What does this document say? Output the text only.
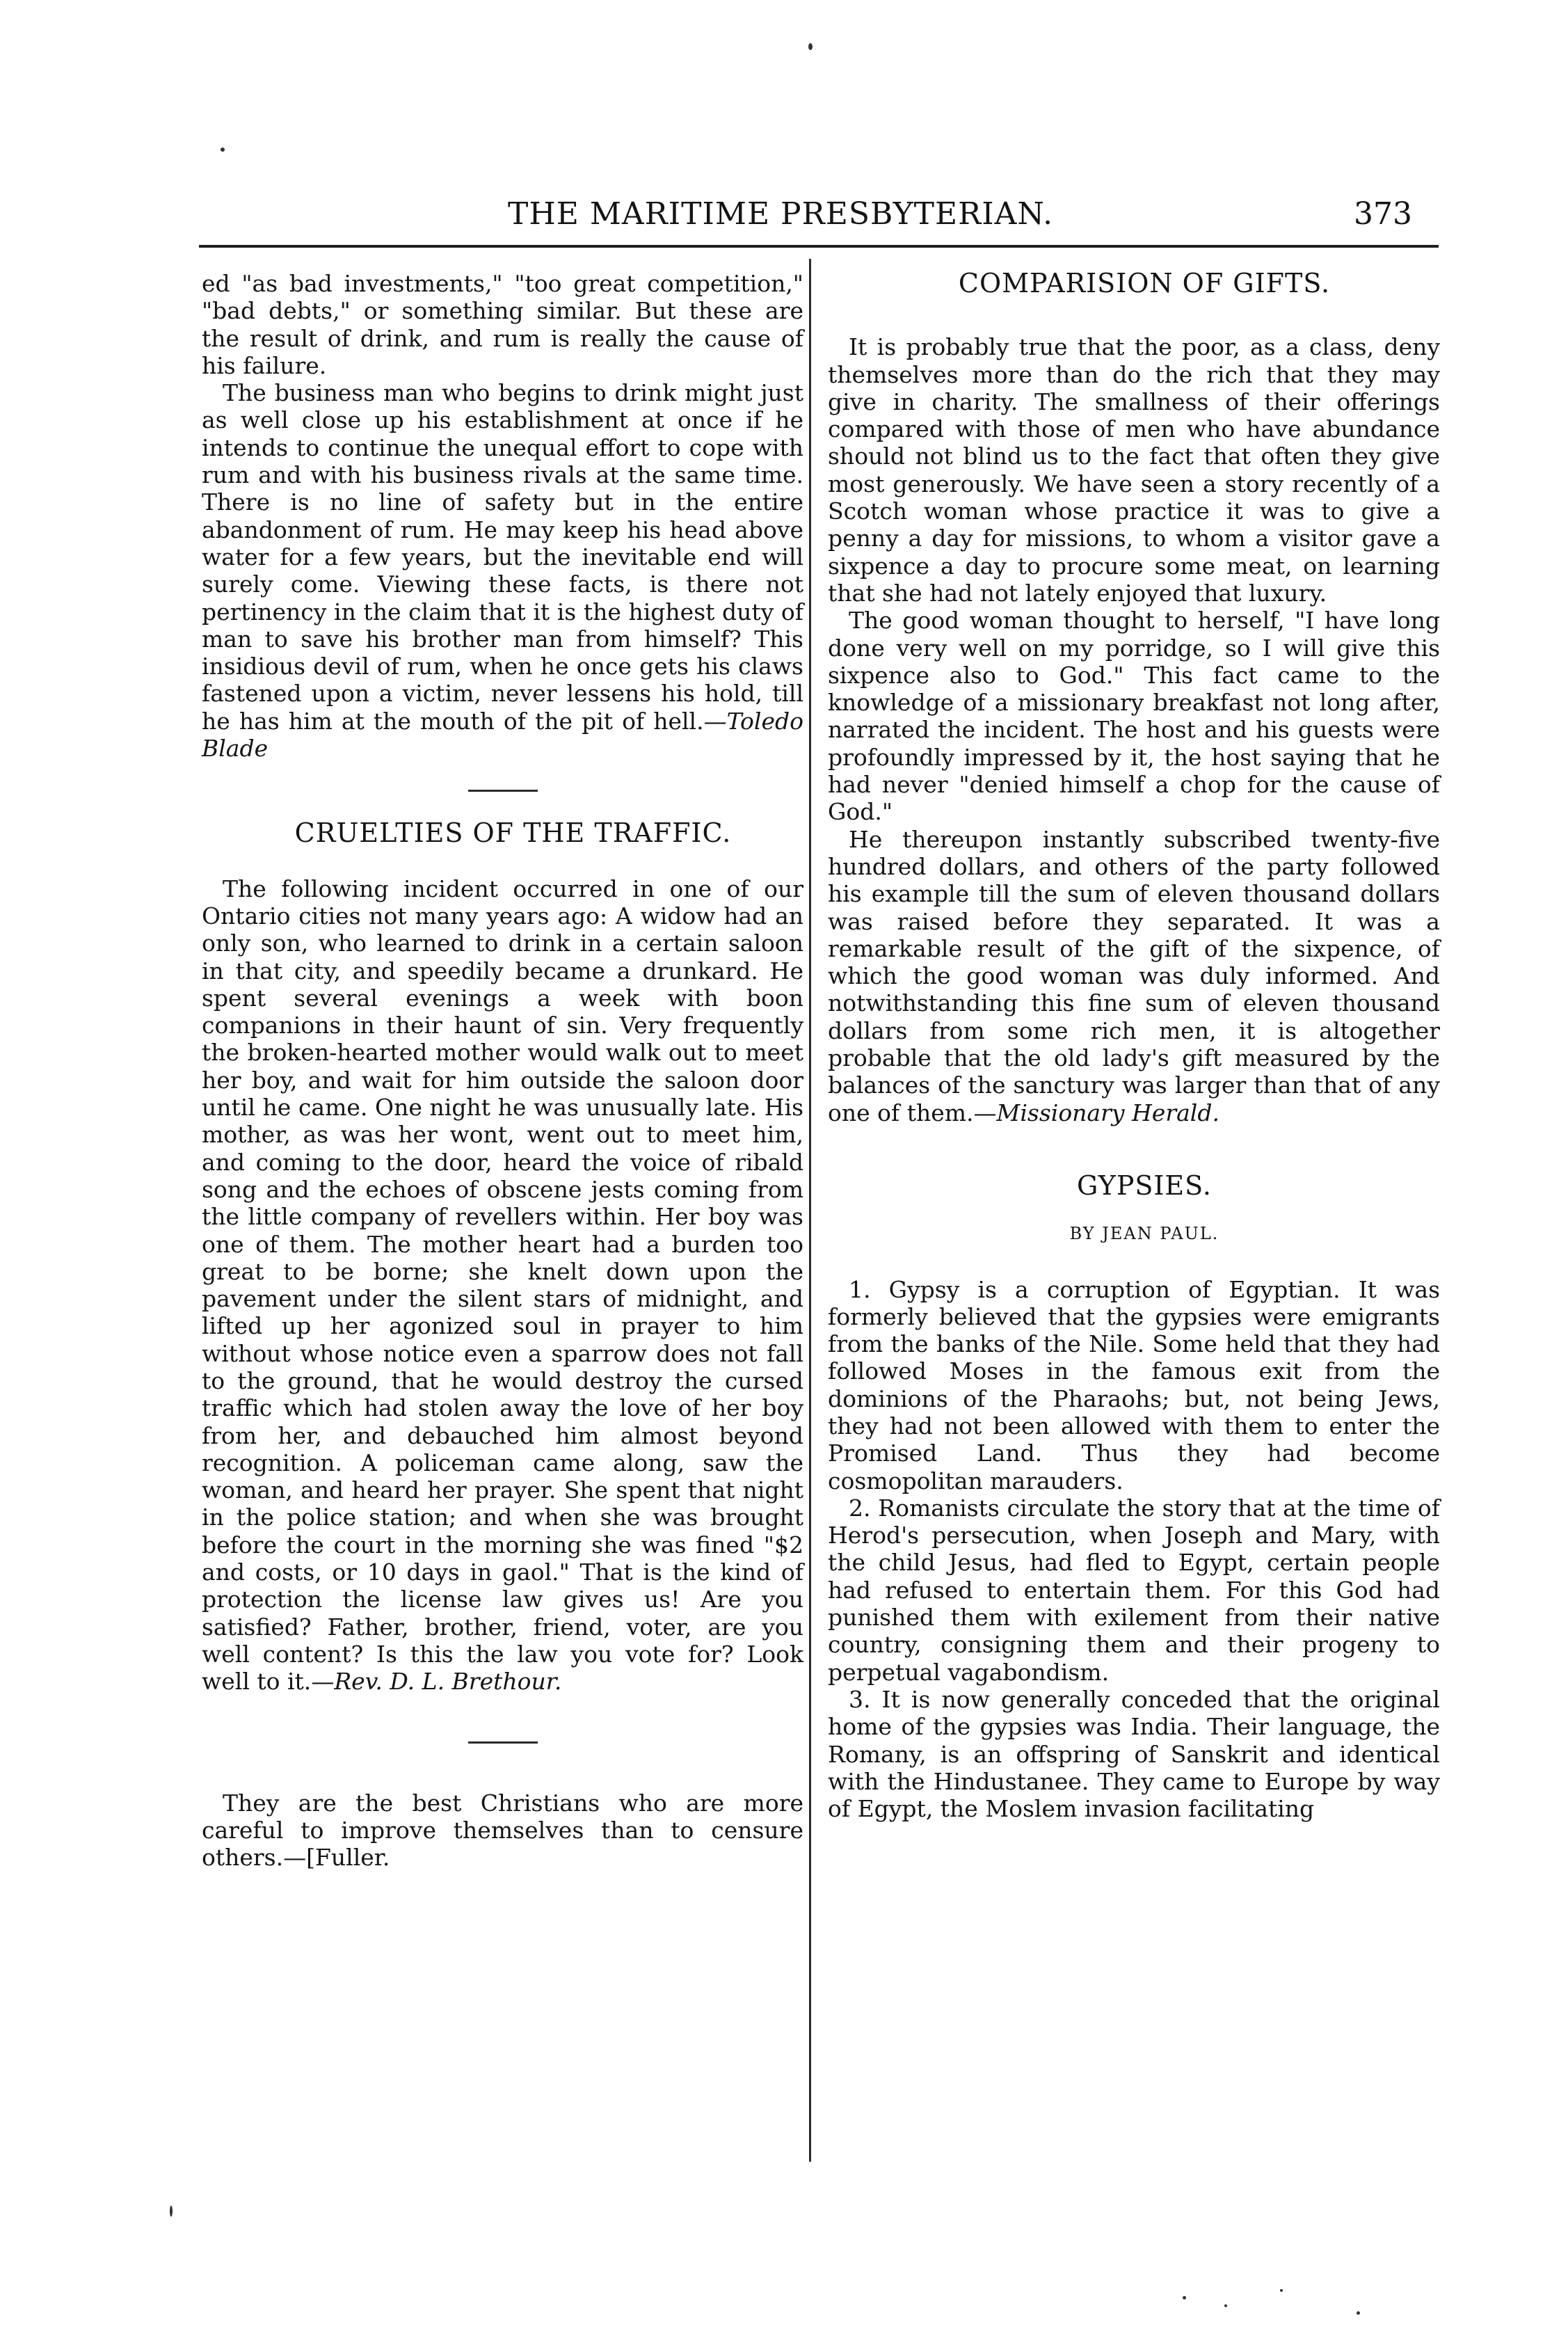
THE MARITIME PRESBYTERIAN.	373

ed "as bad investments," "too great competition," "bad debts," or something similar. But these are the result of drink, and rum is really the cause of his failure.

The business man who begins to drink might just as well close up his establishment at once if he intends to continue the unequal effort to cope with rum and with his business rivals at the same time. There is no line of safety but in the entire abandonment of rum. He may keep his head above water for a few years, but the inevitable end will surely come. Viewing these facts, is there not pertinency in the claim that it is the highest duty of man to save his brother man from himself? This insidious devil of rum, when he once gets his claws fastened upon a victim, never lessens his hold, till he has him at the mouth of the pit of hell.—Toledo Blade

CRUELTIES OF THE TRAFFIC.

The following incident occurred in one of our Ontario cities not many years ago: A widow had an only son, who learned to drink in a certain saloon in that city, and speedily became a drunkard. He spent several evenings a week with boon companions in their haunt of sin. Very frequently the broken-hearted mother would walk out to meet her boy, and wait for him outside the saloon door until he came. One night he was unusually late. His mother, as was her wont, went out to meet him, and coming to the door, heard the voice of ribald song and the echoes of obscene jests coming from the little company of revellers within. Her boy was one of them. The mother heart had a burden too great to be borne; she knelt down upon the pavement under the silent stars of midnight, and lifted up her agonized soul in prayer to him without whose notice even a sparrow does not fall to the ground, that he would destroy the cursed traffic which had stolen away the love of her boy from her, and debauched him almost beyond recognition. A policeman came along, saw the woman, and heard her prayer. She spent that night in the police station; and when she was brought before the court in the morning she was fined "$2 and costs, or 10 days in gaol." That is the kind of protection the license law gives us! Are you satisfied? Father, brother, friend, voter, are you well content? Is this the law you vote for? Look well to it.—Rev. D. L. Brethour.

They are the best Christians who are more careful to improve themselves than to censure others.—[Fuller.

COMPARISION OF GIFTS.

It is probably true that the poor, as a class, deny themselves more than do the rich that they may give in charity. The smallness of their offerings compared with those of men who have abundance should not blind us to the fact that often they give most generously. We have seen a story recently of a Scotch woman whose practice it was to give a penny a day for missions, to whom a visitor gave a sixpence a day to procure some meat, on learning that she had not lately enjoyed that luxury.

The good woman thought to herself, "I have long done very well on my porridge, so I will give this sixpence also to God." This fact came to the knowledge of a missionary breakfast not long after, narrated the incident. The host and his guests were profoundly impressed by it, the host saying that he had never "denied himself a chop for the cause of God."

He thereupon instantly subscribed twenty-five hundred dollars, and others of the party followed his example till the sum of eleven thousand dollars was raised before they separated. It was a remarkable result of the gift of the sixpence, of which the good woman was duly informed. And notwithstanding this fine sum of eleven thousand dollars from some rich men, it is altogether probable that the old lady's gift measured by the balances of the sanctury was larger than that of any one of them.—Missionary Herald.

GYPSIES.

BY JEAN PAUL.

1. Gypsy is a corruption of Egyptian. It was formerly believed that the gypsies were emigrants from the banks of the Nile. Some held that they had followed Moses in the famous exit from the dominions of the Pharaohs; but, not being Jews, they had not been allowed with them to enter the Promised Land. Thus they had become cosmopolitan marauders.

2. Romanists circulate the story that at the time of Herod's persecution, when Joseph and Mary, with the child Jesus, had fled to Egypt, certain people had refused to entertain them. For this God had punished them with exilement from their native country, consigning them and their progeny to perpetual vagabondism.

3. It is now generally conceded that the original home of the gypsies was India. Their language, the Romany, is an offspring of Sanskrit and identical with the Hindustanee. They came to Europe by way of Egypt, the Moslem invasion facilitating
